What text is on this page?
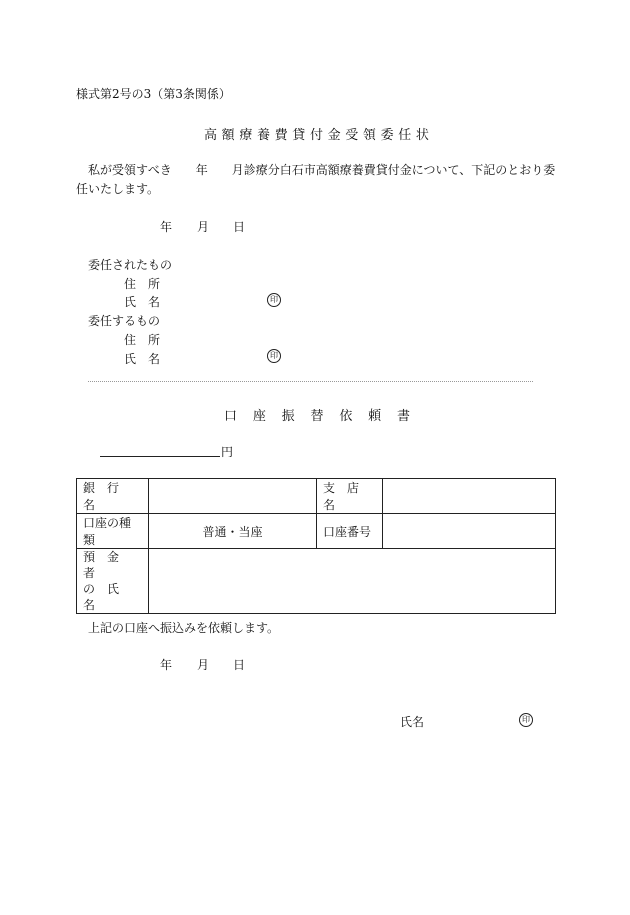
様式第2号の3（第3条関係）
高 額 療 養 費 貸 付 金 受 領 委 任 状
私が受領すべき　　年　　月診療分白石市高額療養費貸付金について、下記のとおり委
任いたします。
年 月 日
委任されたもの
住　所
氏　名	印
委任するもの
住　所
氏　名	印
口 座 振 替 依 頼 書
円
銀　行　名		支　店　名	
口座の種類	普通・当座	口座番号	

預　金　者
の　氏　名			

上記の口座へ振込みを依頼します。
年 月 日
氏名	印
